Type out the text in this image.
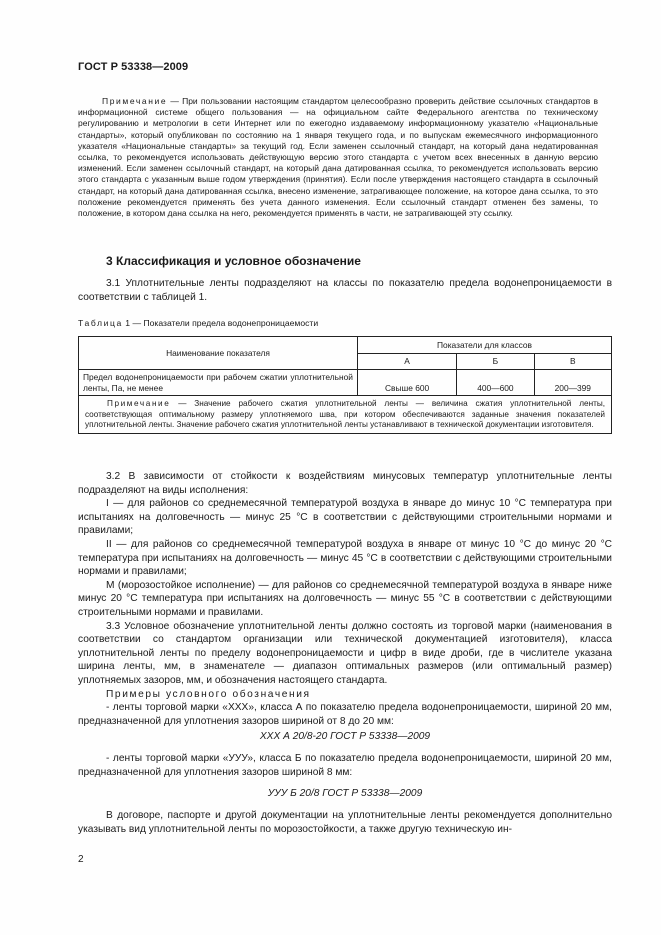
ГОСТ Р 53338—2009
Примечание — При пользовании настоящим стандартом целесообразно проверить действие ссылочных стандартов в информационной системе общего пользования — на официальном сайте Федерального агентства по техническому регулированию и метрологии в сети Интернет или по ежегодно издаваемому информационному указателю «Национальные стандарты», который опубликован по состоянию на 1 января текущего года, и по выпускам ежемесячного информационного указателя «Национальные стандарты» за текущий год. Если заменен ссылочный стандарт, на который дана недатированная ссылка, то рекомендуется использовать действующую версию этого стандарта с учетом всех внесенных в данную версию изменений. Если заменен ссылочный стандарт, на который дана датированная ссылка, то рекомендуется использовать версию этого стандарта с указанным выше годом утверждения (принятия). Если после утверждения настоящего стандарта в ссылочный стандарт, на который дана датированная ссылка, внесено изменение, затрагивающее положение, на которое дана ссылка, то это положение рекомендуется применять без учета данного изменения. Если ссылочный стандарт отменен без замены, то положение, в котором дана ссылка на него, рекомендуется применять в части, не затрагивающей эту ссылку.
3 Классификация и условное обозначение
3.1 Уплотнительные ленты подразделяют на классы по показателю предела водонепроницаемости в соответствии с таблицей 1.
Таблица 1 — Показатели предела водонепроницаемости
Наименование показателя	Показатели для классов		
	А	Б	В
Предел водонепроницаемости при рабочем сжатии уплотнительной ленты, Па, не менее	Свыше 600	400—600	200—399
Примечание — Значение рабочего сжатия уплотнительной ленты — величина сжатия уплотнительной ленты, соответствующая оптимальному размеру уплотняемого шва, при котором обеспечиваются заданные значения показателей уплотнительной ленты. Значение рабочего сжатия уплотнительной ленты устанавливают в технической документации изготовителя.			
3.2 В зависимости от стойкости к воздействиям минусовых температур уплотнительные ленты подразделяют на виды исполнения:
I — для районов со среднемесячной температурой воздуха в январе до минус 10 °С температура при испытаниях на долговечность — минус 25 °С в соответствии с действующими строительными нормами и правилами;
II — для районов со среднемесячной температурой воздуха в январе от минус 10 °С до минус 20 °С температура при испытаниях на долговечность — минус 45 °С в соответствии с действующими строительными нормами и правилами;
М (морозостойкое исполнение) — для районов со среднемесячной температурой воздуха в январе ниже минус 20 °С температура при испытаниях на долговечность — минус 55 °С в соответствии с действующими строительными нормами и правилами.
3.3 Условное обозначение уплотнительной ленты должно состоять из торговой марки (наименования в соответствии со стандартом организации или технической документацией изготовителя), класса уплотнительной ленты по пределу водонепроницаемости и цифр в виде дроби, где в числителе указана ширина ленты, мм, в знаменателе — диапазон оптимальных размеров (или оптимальный размер) уплотняемых зазоров, мм, и обозначения настоящего стандарта.
Примеры условного обозначения
- ленты торговой марки «ХХХ», класса А по показателю предела водонепроницаемости, шириной 20 мм, предназначенной для уплотнения зазоров шириной от 8 до 20 мм:
ХХХ А 20/8-20 ГОСТ Р 53338—2009
- ленты торговой марки «УУУ», класса Б по показателю предела водонепроницаемости, шириной 20 мм, предназначенной для уплотнения зазоров шириной 8 мм:
УУУ Б 20/8 ГОСТ Р 53338—2009
В договоре, паспорте и другой документации на уплотнительные ленты рекомендуется дополнительно указывать вид уплотнительной ленты по морозостойкости, а также другую техническую ин-
2
